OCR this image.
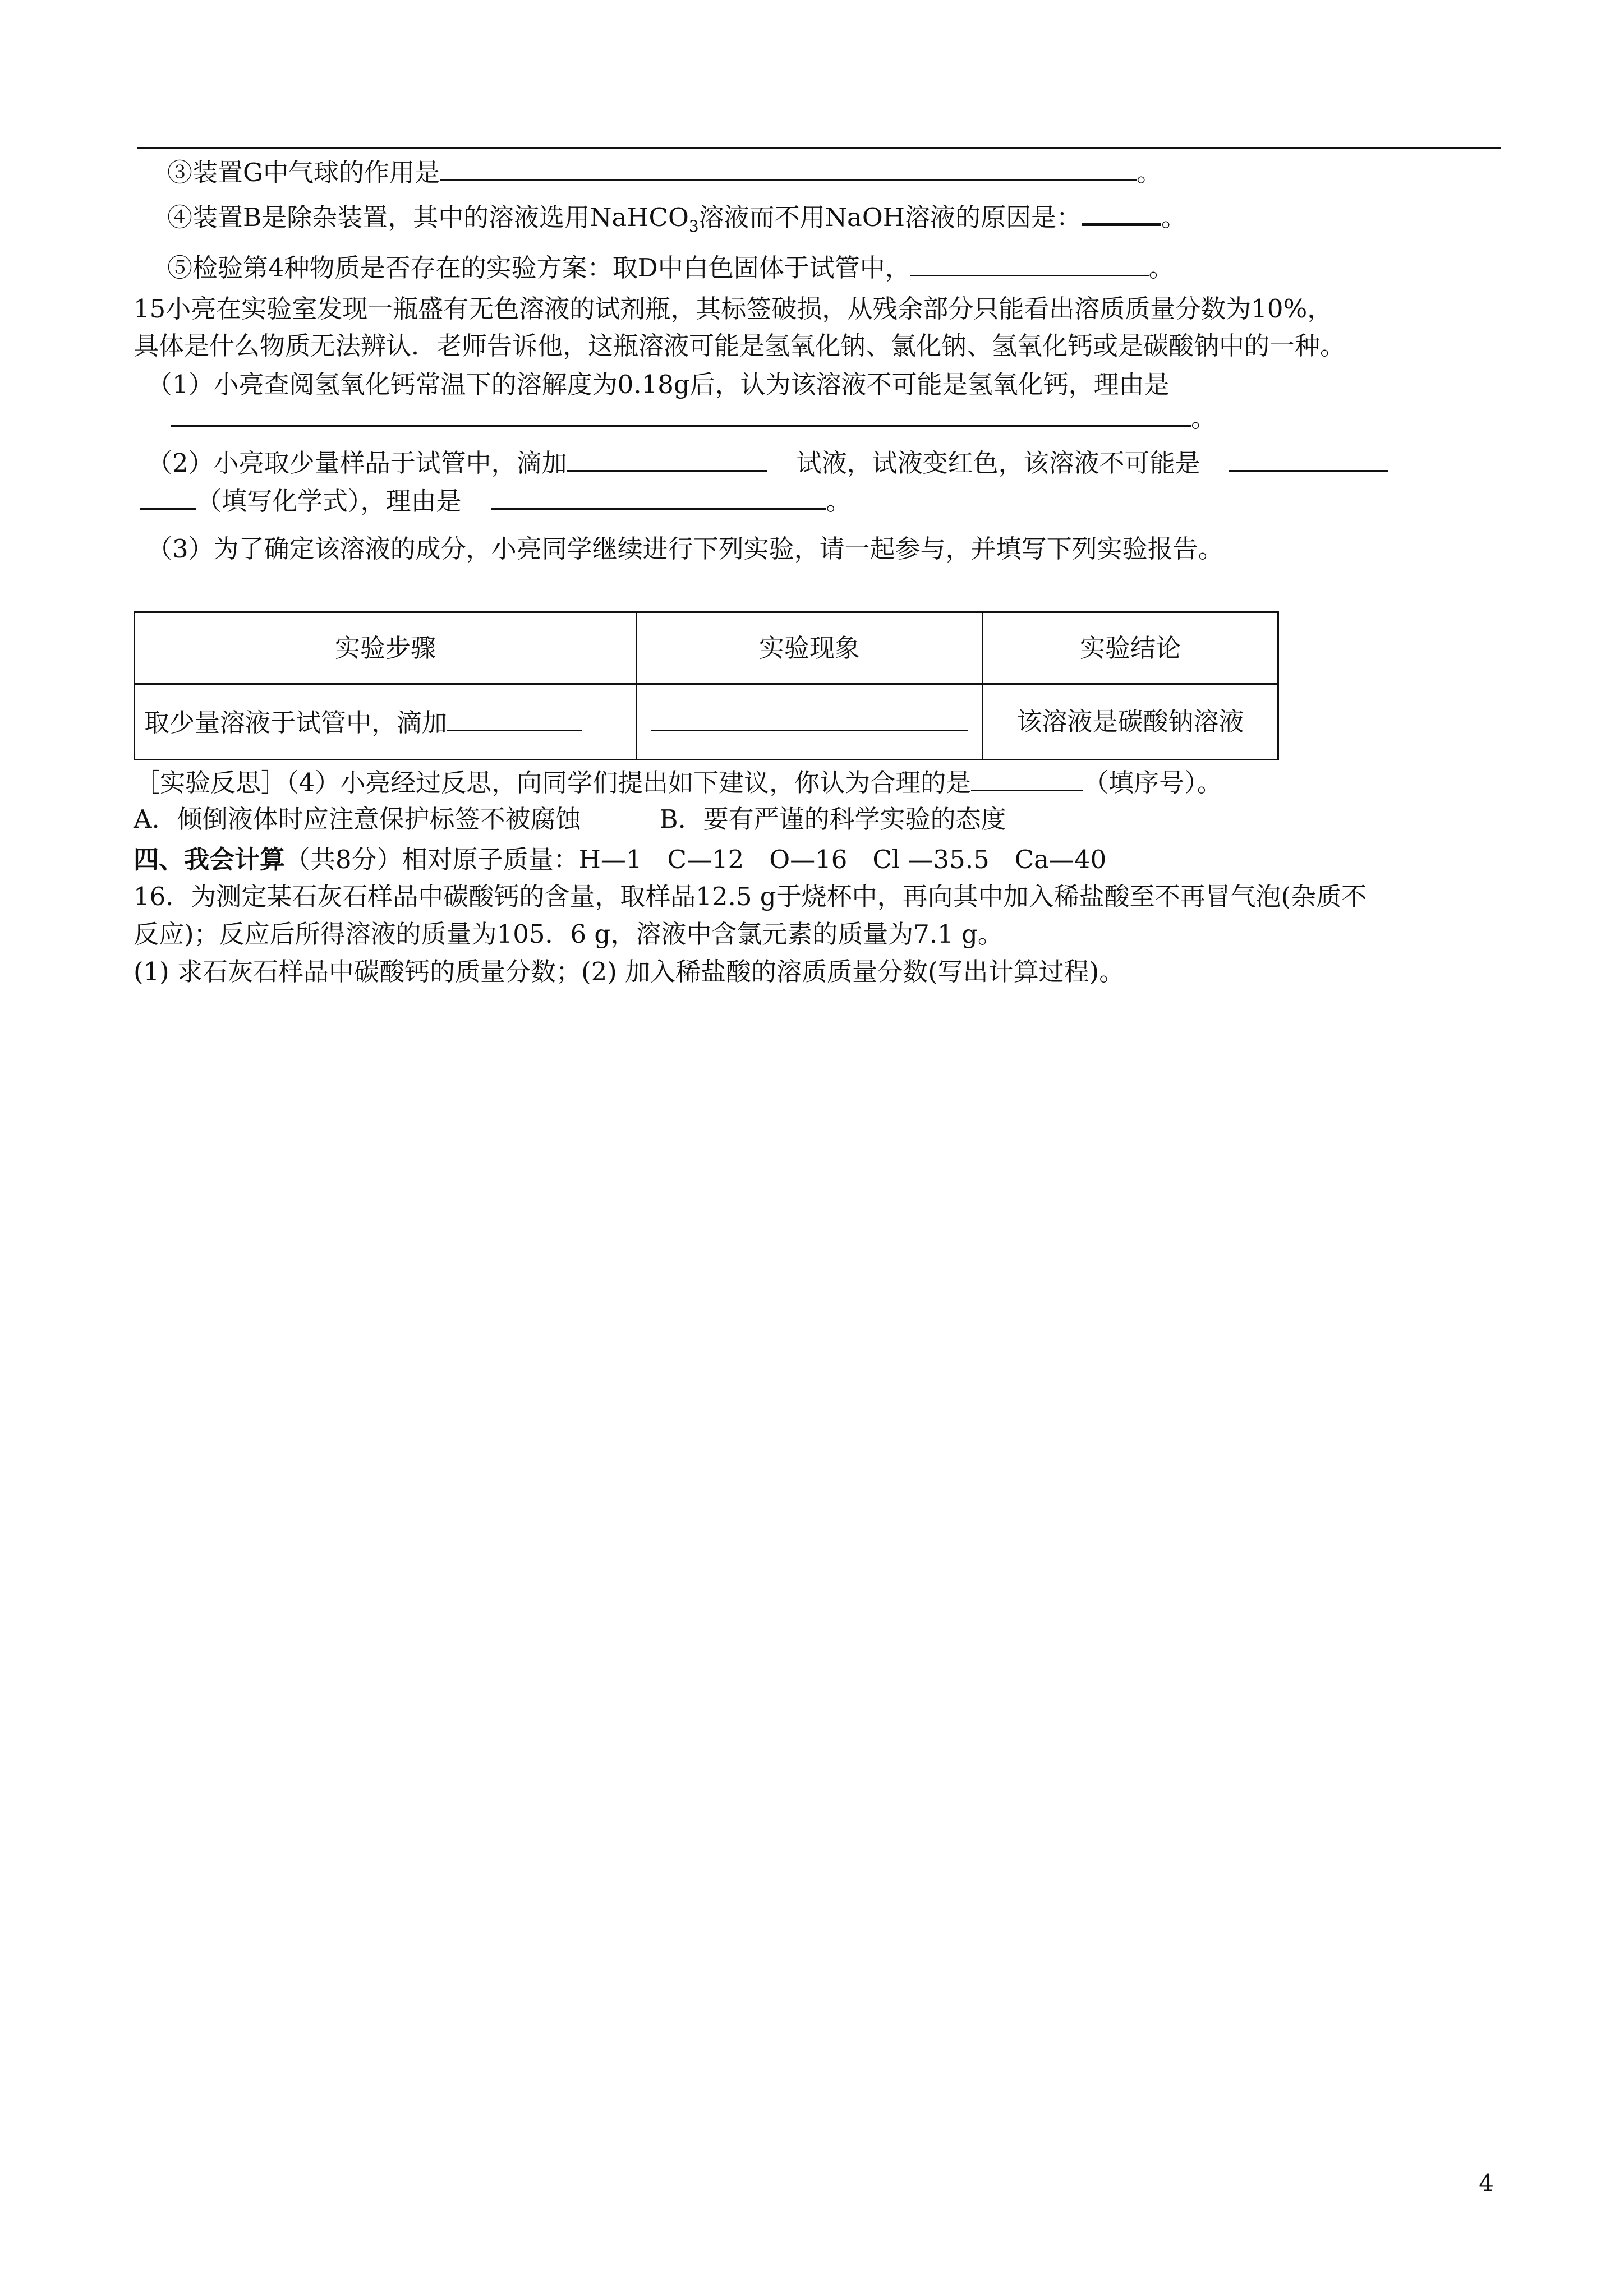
③装置G中气球的作用是	。
④装置B是除杂装置，其中的溶液选用NaHCO$_3$溶液而不用NaOH溶液的原因是：	。
⑤检验第4种物质是否存在的实验方案：取D中白色固体于试管中，	。
15小亮在实验室发现一瓶盛有无色溶液的试剂瓶，其标签破损，从残余部分只能看出溶质质量分数为10%，
具体是什么物质无法辨认．老师告诉他，这瓶溶液可能是氢氧化钠、氯化钠、氢氧化钙或是碳酸钠中的一种。
（1）小亮查阅氢氧化钙常温下的溶解度为0.18g后，认为该溶液不可能是氢氧化钙，理由是
。
（2）小亮取少量样品于试管中，滴加	试液，试液变红色，该溶液不可能是
（填写化学式），理由是	。
（3）为了确定该溶液的成分，小亮同学继续进行下列实验，请一起参与，并填写下列实验报告。
实验步骤	实验现象	实验结论
取少量溶液于试管中，滴加		该溶液是碳酸钠溶液
［实验反思］（4）小亮经过反思，向同学们提出如下建议，你认为合理的是	（填序号）。
A．倾倒液体时应注意保护标签不被腐蚀	B．要有严谨的科学实验的态度
四、我会计算（共8分）相对原子质量：H—1　C—12　O—16　Cl —35.5　Ca—40
16．为测定某石灰石样品中碳酸钙的含量，取样品12.5 g于烧杯中，再向其中加入稀盐酸至不再冒气泡(杂质不
反应)；反应后所得溶液的质量为105．6 g，溶液中含氯元素的质量为7.1 g。
(1) 求石灰石样品中碳酸钙的质量分数；(2) 加入稀盐酸的溶质质量分数(写出计算过程)。
4
